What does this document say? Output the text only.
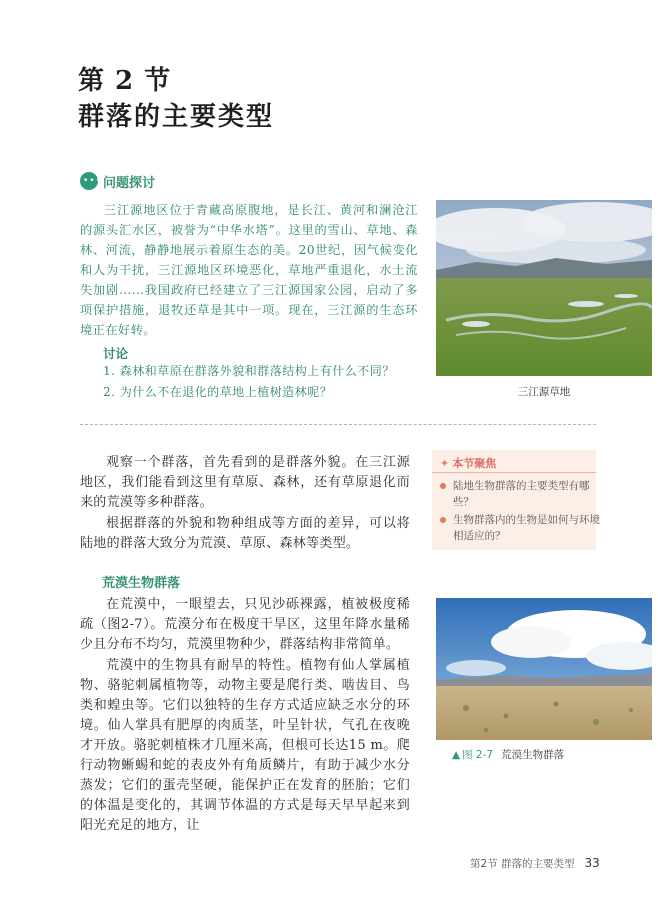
第 2 节
群落的主要类型
••• 问题探讨
三江源地区位于青藏高原腹地，是长江、黄河和澜沧江的源头汇水区，被誉为“中华水塔”。这里的雪山、草地、森林、河流，静静地展示着原生态的美。20世纪，因气候变化和人为干扰，三江源地区环境恶化，草地严重退化，水土流失加剧……我国政府已经建立了三江源国家公园，启动了多项保护措施，退牧还草是其中一项。现在，三江源的生态环境正在好转。
讨论
1. 森林和草原在群落外貌和群落结构上有什么不同？
2. 为什么不在退化的草地上植树造林呢？	三江源草地
✦ 本节聚焦
陆地生物群落的主要类型有哪些？
生物群落内的生物是如何与环境相适应的？
观察一个群落，首先看到的是群落外貌。在三江源地区，我们能看到这里有草原、森林，还有草原退化而来的荒漠等多种群落。
根据群落的外貌和物种组成等方面的差异，可以将陆地的群落大致分为荒漠、草原、森林等类型。
荒漠生物群落
在荒漠中，一眼望去，只见沙砾裸露，植被极度稀疏（图2-7）。荒漠分布在极度干旱区，这里年降水量稀少且分布不均匀，荒漠里物种少，群落结构非常简单。
荒漠中的生物具有耐旱的特性。植物有仙人掌属植物、骆驼刺属植物等，动物主要是爬行类、啮齿目、鸟类和蝗虫等。它们以独特的生存方式适应缺乏水分的环境。仙人掌具有肥厚的肉质茎，叶呈针状，气孔在夜晚才开放。骆驼刺植株才几厘米高，但根可长达15 m。爬行动物蜥蜴和蛇的表皮外有角质鳞片，有助于减少水分蒸发；它们的蛋壳坚硬，能保护正在发育的胚胎；它们的体温是变化的，其调节体温的方式是每天早早起来到阳光充足的地方，让
▲ 图 2-7 荒漠生物群落
第2节 群落的主要类型 33
